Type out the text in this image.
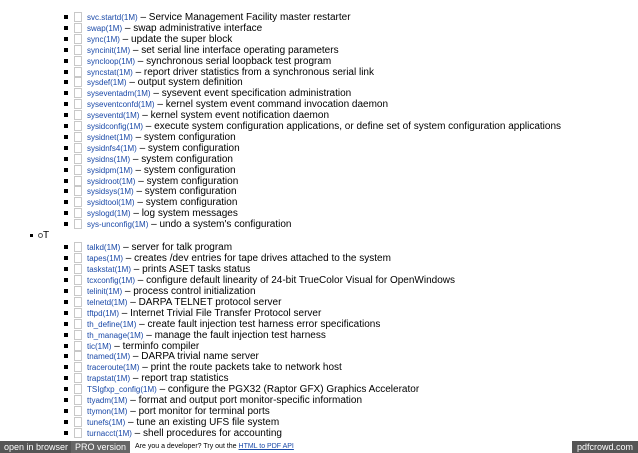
svc.startd(1M) – Service Management Facility master restarter
swap(1M) – swap administrative interface
sync(1M) – update the super block
syncinit(1M) – set serial line interface operating parameters
syncloop(1M) – synchronous serial loopback test program
syncstat(1M) – report driver statistics from a synchronous serial link
sysdef(1M) – output system definition
syseventadm(1M) – sysevent event specification administration
syseventconfd(1M) – kernel system event command invocation daemon
syseventd(1M) – kernel system event notification daemon
sysidconfig(1M) – execute system configuration applications, or define set of system configuration applications
sysidnet(1M) – system configuration
sysidnfs4(1M) – system configuration
sysidns(1M) – system configuration
sysidpm(1M) – system configuration
sysidroot(1M) – system configuration
sysidsys(1M) – system configuration
sysidtool(1M) – system configuration
syslogd(1M) – log system messages
sys-unconfig(1M) – undo a system's configuration
T
talkd(1M) – server for talk program
tapes(1M) – creates /dev entries for tape drives attached to the system
taskstat(1M) – prints ASET tasks status
tcxconfig(1M) – configure default linearity of 24-bit TrueColor Visual for OpenWindows
telinit(1M) – process control initialization
telnetd(1M) – DARPA TELNET protocol server
tftpd(1M) – Internet Trivial File Transfer Protocol server
th_define(1M) – create fault injection test harness error specifications
th_manage(1M) – manage the fault injection test harness
tic(1M) – terminfo compiler
tnamed(1M) – DARPA trivial name server
traceroute(1M) – print the route packets take to network host
trapstat(1M) – report trap statistics
TSIgfxp_config(1M) – configure the PGX32 (Raptor GFX) Graphics Accelerator
ttyadm(1M) – format and output port monitor-specific information
ttymon(1M) – port monitor for terminal ports
tunefs(1M) – tune an existing UFS file system
turnacct(1M) – shell procedures for accounting
open in browser PRO version	Are you a developer? Try out the HTML to PDF API	pdfcrowd.com
